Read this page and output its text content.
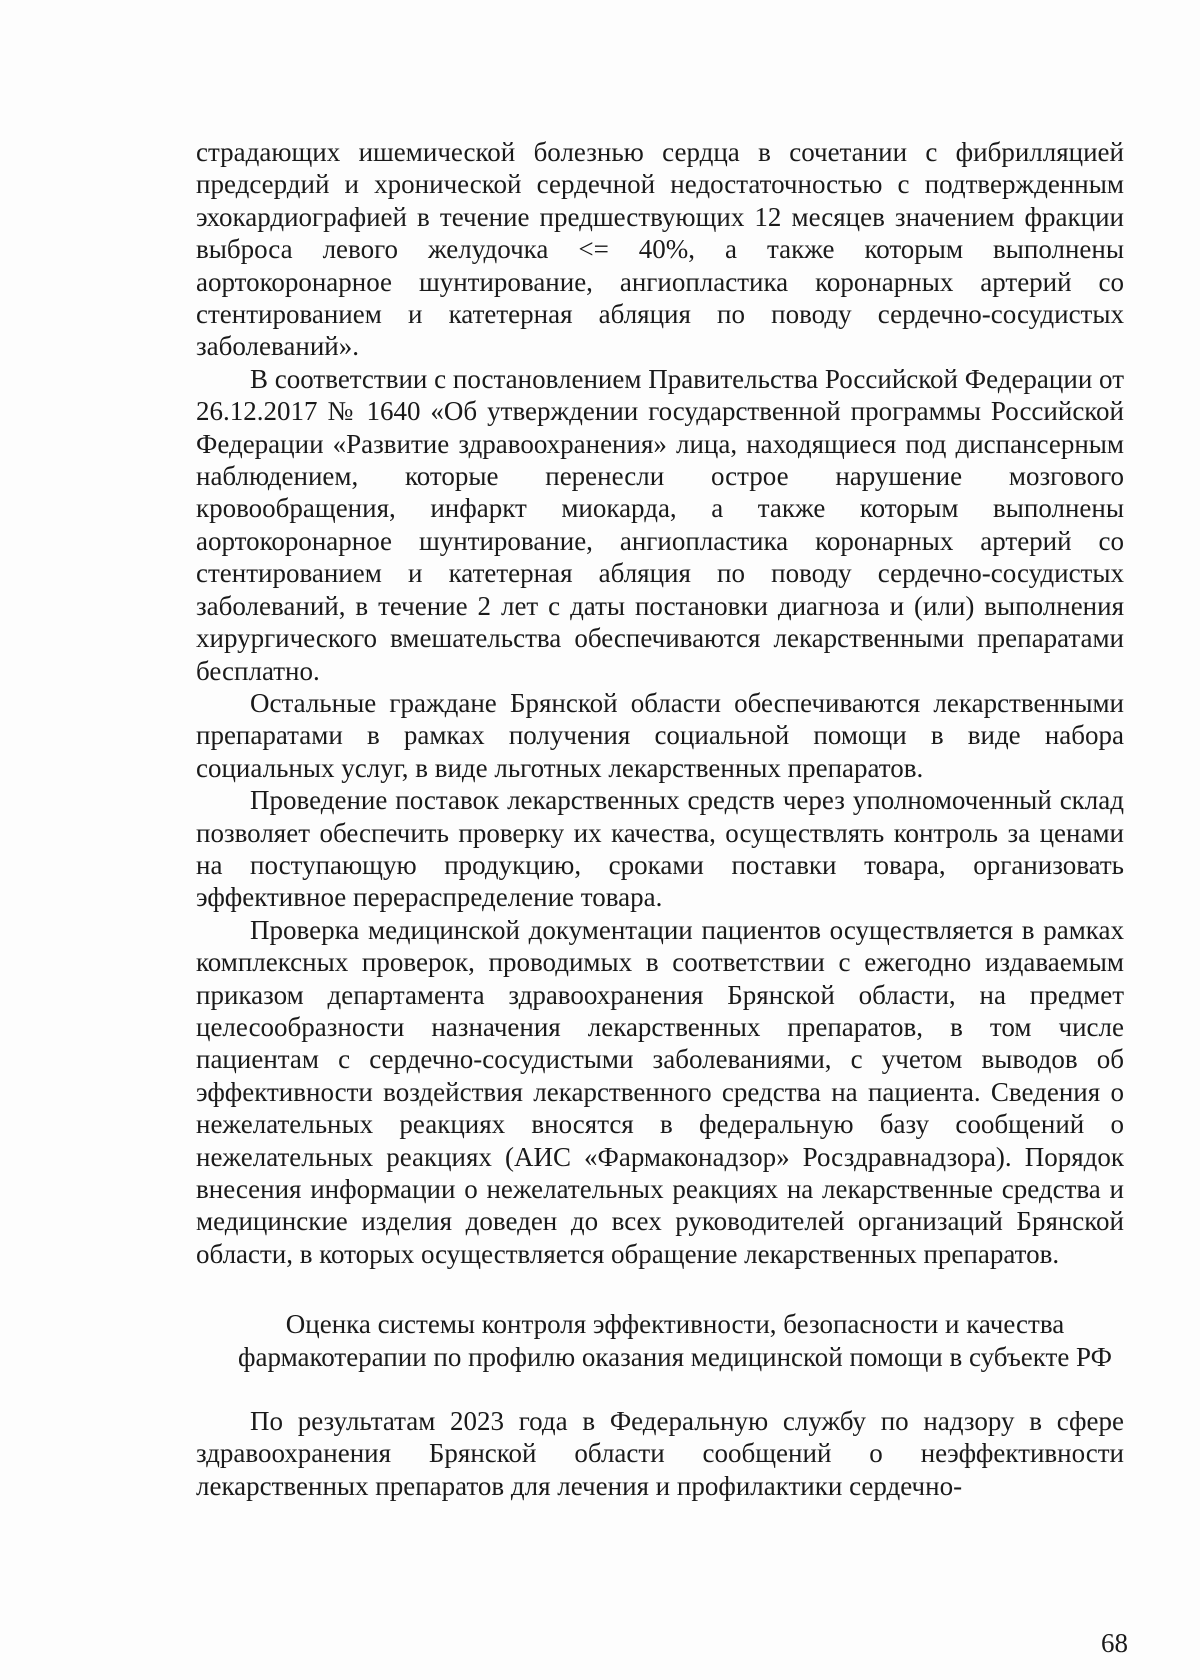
страдающих ишемической болезнью сердца в сочетании с фибрилляцией предсердий и хронической сердечной недостаточностью с подтвержденным эхокардиографией в течение предшествующих 12 месяцев значением фракции выброса левого желудочка <= 40%, а также которым выполнены аортокоронарное шунтирование, ангиопластика коронарных артерий со стентированием и катетерная абляция по поводу сердечно-сосудистых заболеваний».

В соответствии с постановлением Правительства Российской Федерации от 26.12.2017 № 1640 «Об утверждении государственной программы Российской Федерации «Развитие здравоохранения» лица, находящиеся под диспансерным наблюдением, которые перенесли острое нарушение мозгового кровообращения, инфаркт миокарда, а также которым выполнены аортокоронарное шунтирование, ангиопластика коронарных артерий со стентированием и катетерная абляция по поводу сердечно-сосудистых заболеваний, в течение 2 лет с даты постановки диагноза и (или) выполнения хирургического вмешательства обеспечиваются лекарственными препаратами бесплатно.

Остальные граждане Брянской области обеспечиваются лекарственными препаратами в рамках получения социальной помощи в виде набора социальных услуг, в виде льготных лекарственных препаратов.

Проведение поставок лекарственных средств через уполномоченный склад позволяет обеспечить проверку их качества, осуществлять контроль за ценами на поступающую продукцию, сроками поставки товара, организовать эффективное перераспределение товара.

Проверка медицинской документации пациентов осуществляется в рамках комплексных проверок, проводимых в соответствии с ежегодно издаваемым приказом департамента здравоохранения Брянской области, на предмет целесообразности назначения лекарственных препаратов, в том числе пациентам с сердечно-сосудистыми заболеваниями, с учетом выводов об эффективности воздействия лекарственного средства на пациента. Сведения о нежелательных реакциях вносятся в федеральную базу сообщений о нежелательных реакциях (АИС «Фармаконадзор» Росздравнадзора). Порядок внесения информации о нежелательных реакциях на лекарственные средства и медицинские изделия доведен до всех руководителей организаций Брянской области, в которых осуществляется обращение лекарственных препаратов.

Оценка системы контроля эффективности, безопасности и качества
фармакотерапии по профилю оказания медицинской помощи в субъекте РФ

По результатам 2023 года в Федеральную службу по надзору в сфере здравоохранения Брянской области сообщений о неэффективности лекарственных препаратов для лечения и профилактики сердечно-

68
